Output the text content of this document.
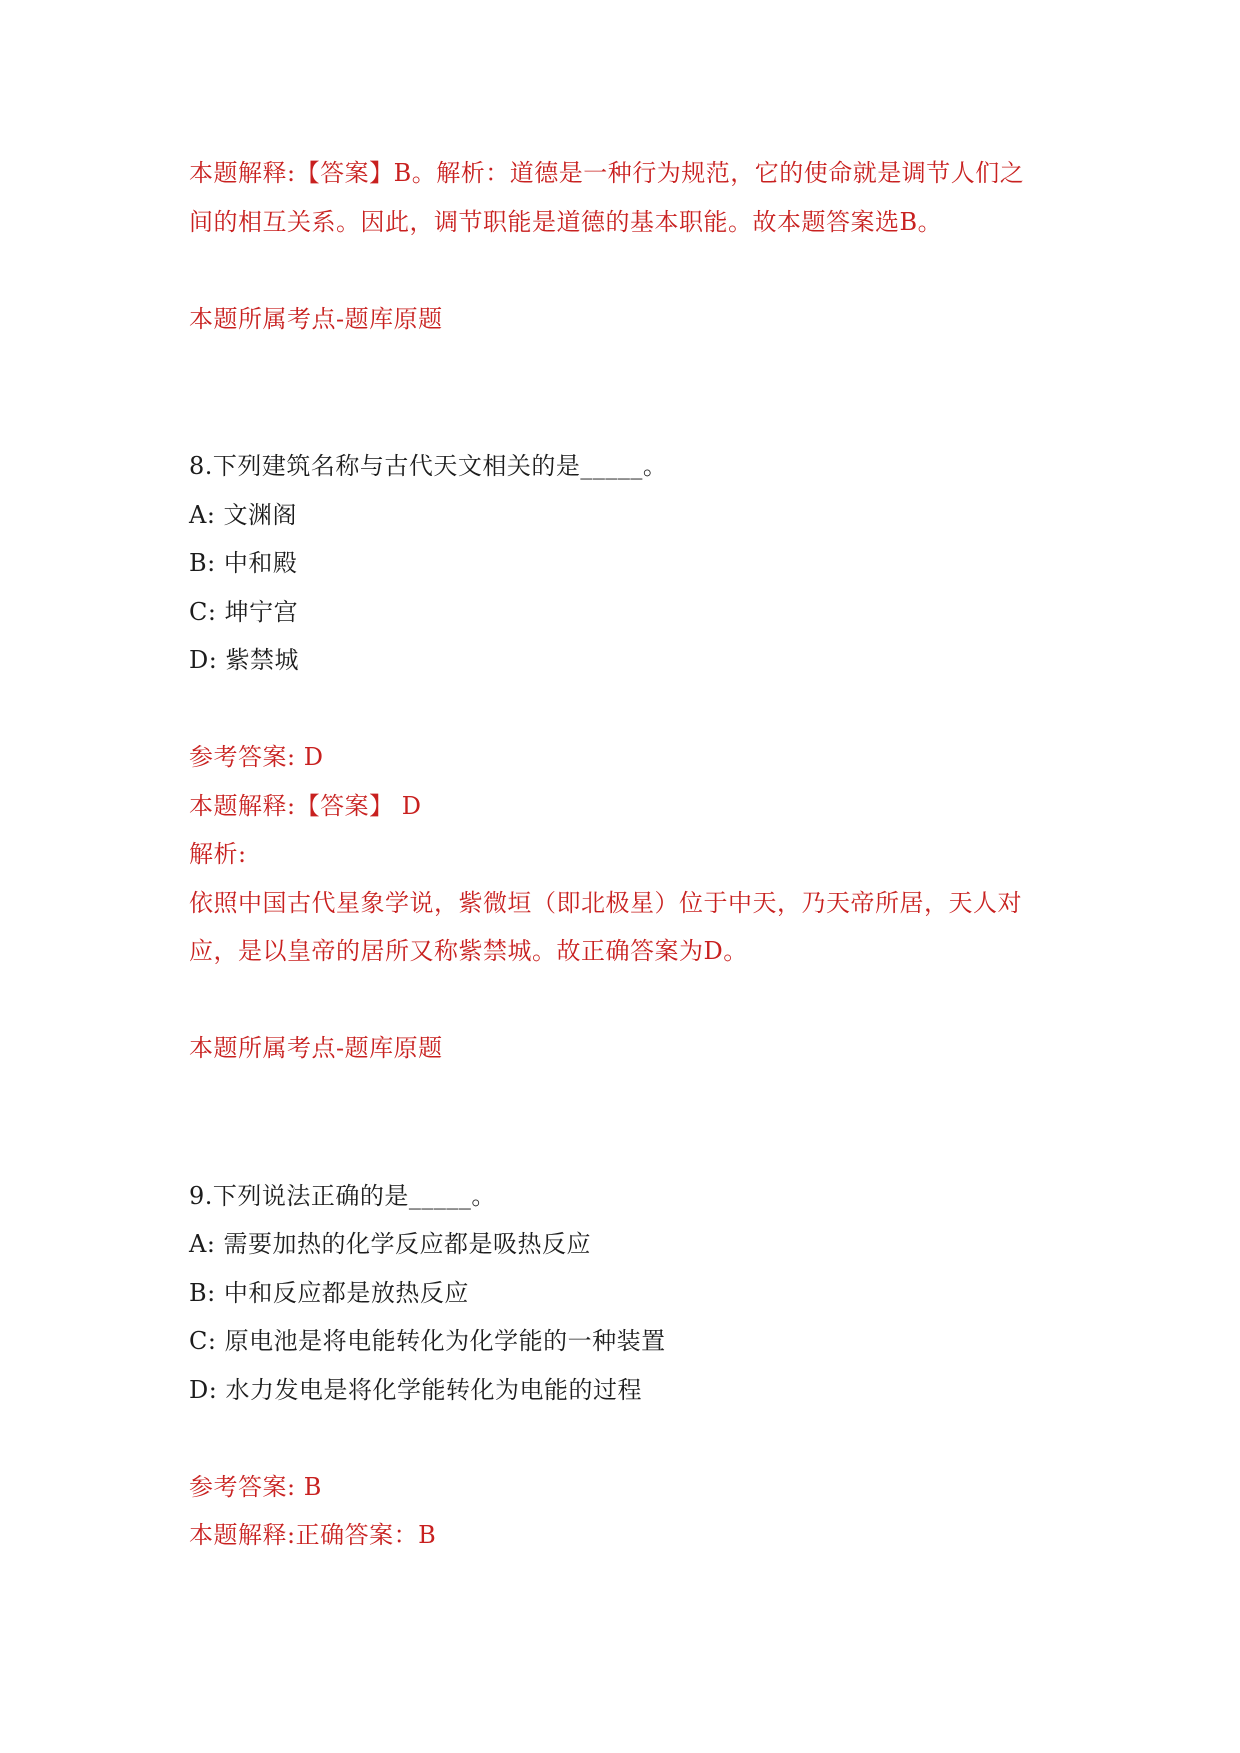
本题解释:【答案】B。解析：道德是一种行为规范，它的使命就是调节人们之
间的相互关系。因此，调节职能是道德的基本职能。故本题答案选B。
本题所属考点-题库原题
8.下列建筑名称与古代天文相关的是_____。
A: 文渊阁
B: 中和殿
C: 坤宁宫
D: 紫禁城
参考答案: D
本题解释:【答案】 D
解析:
依照中国古代星象学说，紫微垣（即北极星）位于中天，乃天帝所居，天人对
应，是以皇帝的居所又称紫禁城。故正确答案为D。
本题所属考点-题库原题
9.下列说法正确的是_____。
A: 需要加热的化学反应都是吸热反应
B: 中和反应都是放热反应
C: 原电池是将电能转化为化学能的一种装置
D: 水力发电是将化学能转化为电能的过程
参考答案: B
本题解释:正确答案：B
